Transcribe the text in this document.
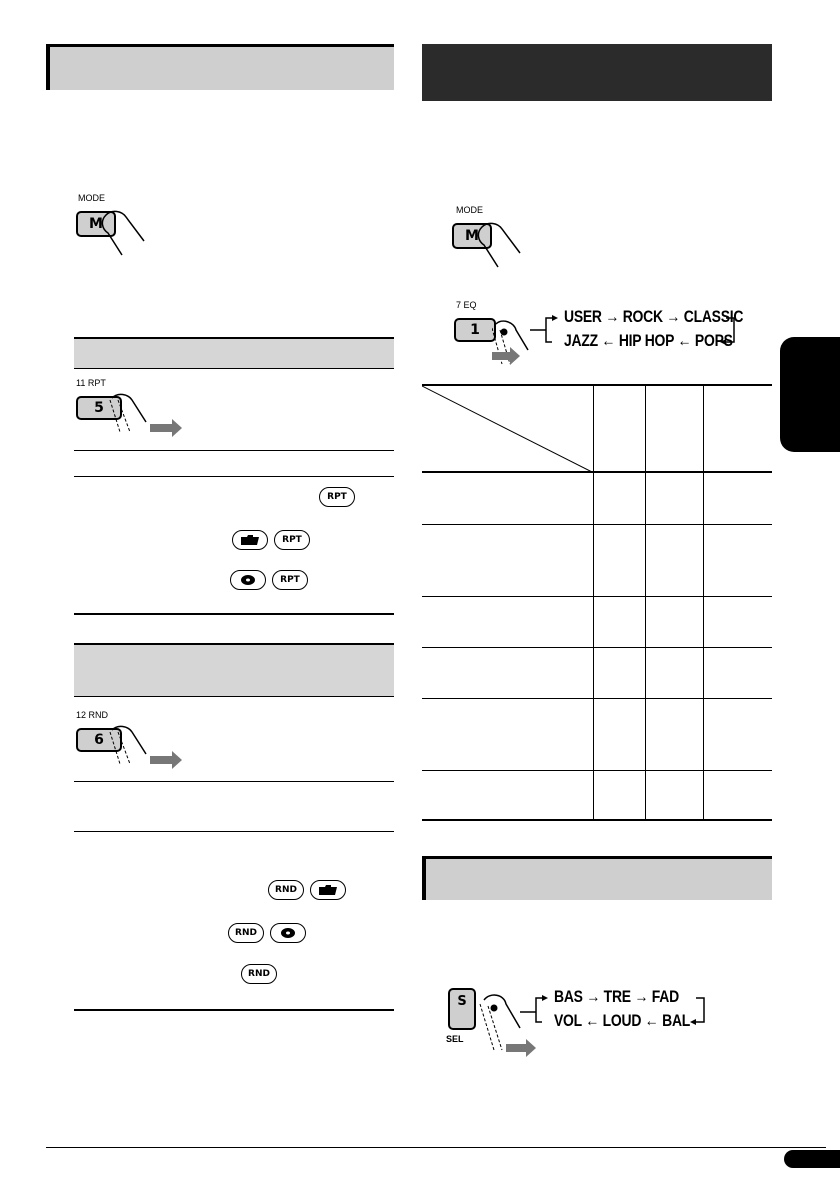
MODE
M
11 RPT
5
RPT
RPT
RPT
12 RND
6
RND
RND
RND
MODE
M
7 EQ
1
USER → ROCK → CLASSIC
JAZZ ← HIP HOP ← POPS
S
SEL
BAS → TRE → FAD
VOL ← LOUD ← BAL
